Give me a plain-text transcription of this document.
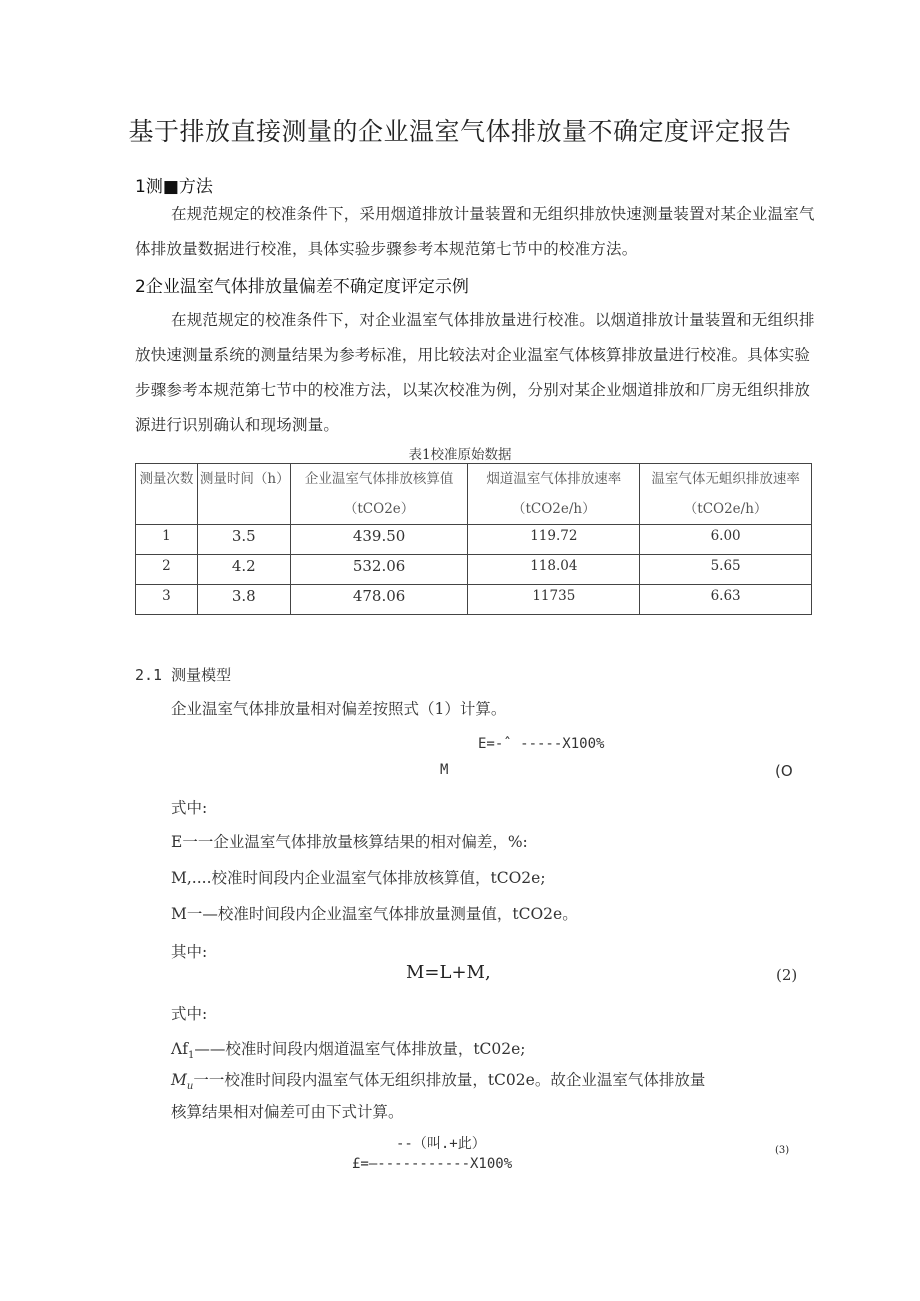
基于排放直接测量的企业温室气体排放量不确定度评定报告
1测■方法
在规范规定的校准条件下，采用烟道排放计量装置和无组织排放快速测量装置对某企业温室气体排放量数据进行校准，具体实验步骤参考本规范第七节中的校准方法。
2企业温室气体排放量偏差不确定度评定示例
在规范规定的校准条件下，对企业温室气体排放量进行校准。以烟道排放计量装置和无组织排放快速测量系统的测量结果为参考标准，用比较法对企业温室气体核算排放量进行校准。具体实验步骤参考本规范第七节中的校准方法，以某次校准为例，分别对某企业烟道排放和厂房无组织排放源进行识别确认和现场测量。
表1校准原始数据
测量次数	测量时间（h）	企业温室气体排放核算值（tCO2e）	烟道温室气体排放速率（tCO2e/h）	温室气体无蛆织排放速率（tCO2e/h）

1	3.5	439.50	119.72	6.00
2	4.2	532.06	118.04	5.65
3	3.8	478.06	11735	6.63
2.1 测量模型
企业温室气体排放量相对偏差按照式（1）计算。
E=-ˆ -----X100%
M	(O
式中:
E一一企业温室气体排放量核算结果的相对偏差，%:
M,....校准时间段内企业温室气体排放核算值，tCO2e;
M一—校准时间段内企业温室气体排放量测量值，tCO2e。
其中:
M=L+M,	(2)
式中:
$\Lambda f_1——$校准时间段内烟道温室气体排放量，tC02e;
$M_u$一一校准时间段内温室气体无组织排放量，tC02e。故企业温室气体排放量
核算结果相对偏差可由下式计算。
--（叫.+此）
£=—-----------X100%
(3)
